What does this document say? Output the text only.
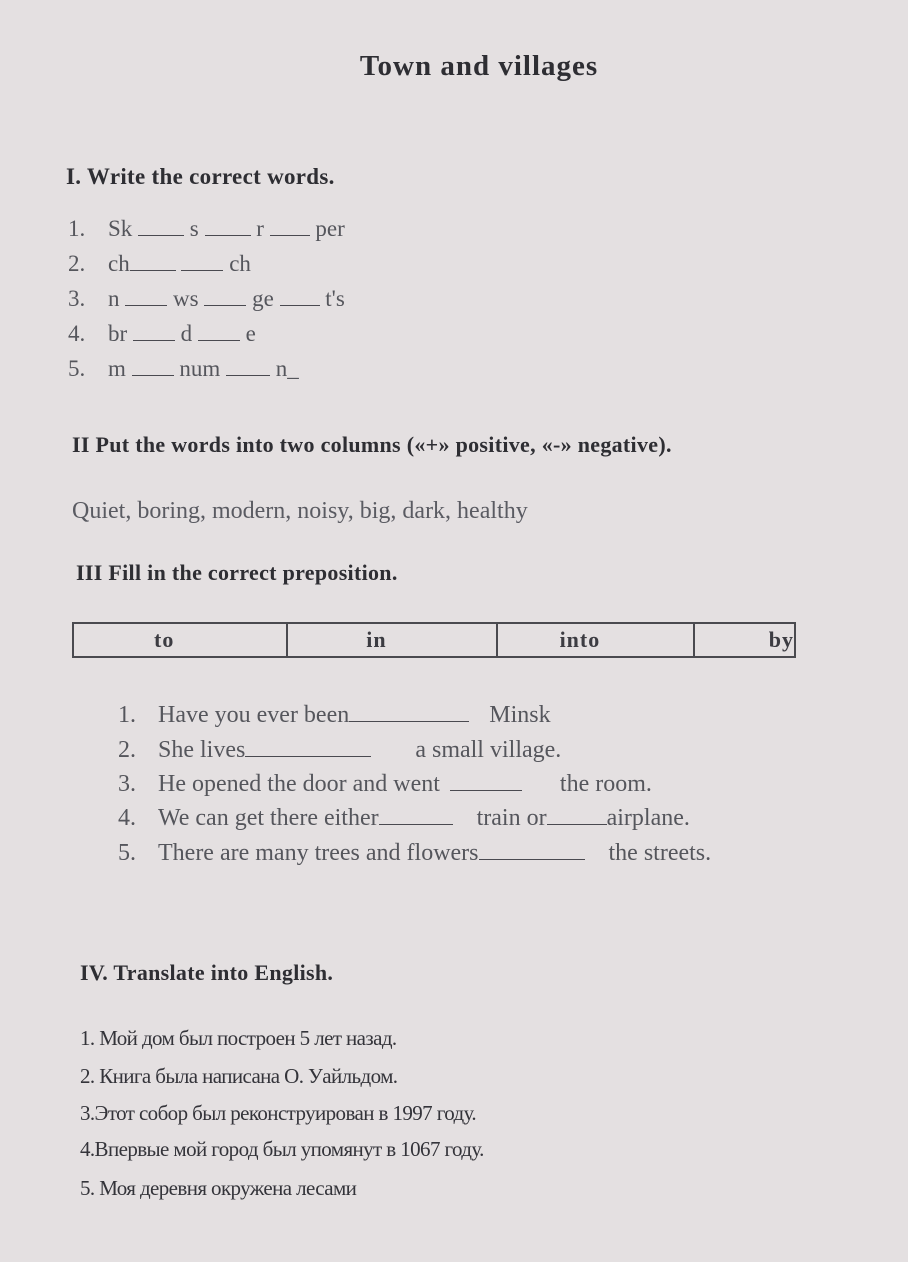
Town and villages
I. Write the correct words.
1. Sk	s	r per
2. ch	ch
3. n ws ge t's
4. br d e
5. m num n_
II Put the words into two columns («+» positive, «-» negative).
Quiet, boring, modern, noisy, big, dark, healthy
III Fill in the correct preposition.
to	in	into	by
1. Have you ever been	Minsk
2. She lives	a small village.
3. He opened the door and went	the room.
4. We can get there either	train or	airplane.
5. There are many trees and flowers	the streets.
IV. Translate into English.
1. Мой дом был построен 5 лет назад.
2. Книга была написана О. Уайльдом.
3.Этот собор был реконструирован в 1997 году.
4.Впервые мой город был упомянут в 1067 году.
5. Моя деревня окружена лесами
